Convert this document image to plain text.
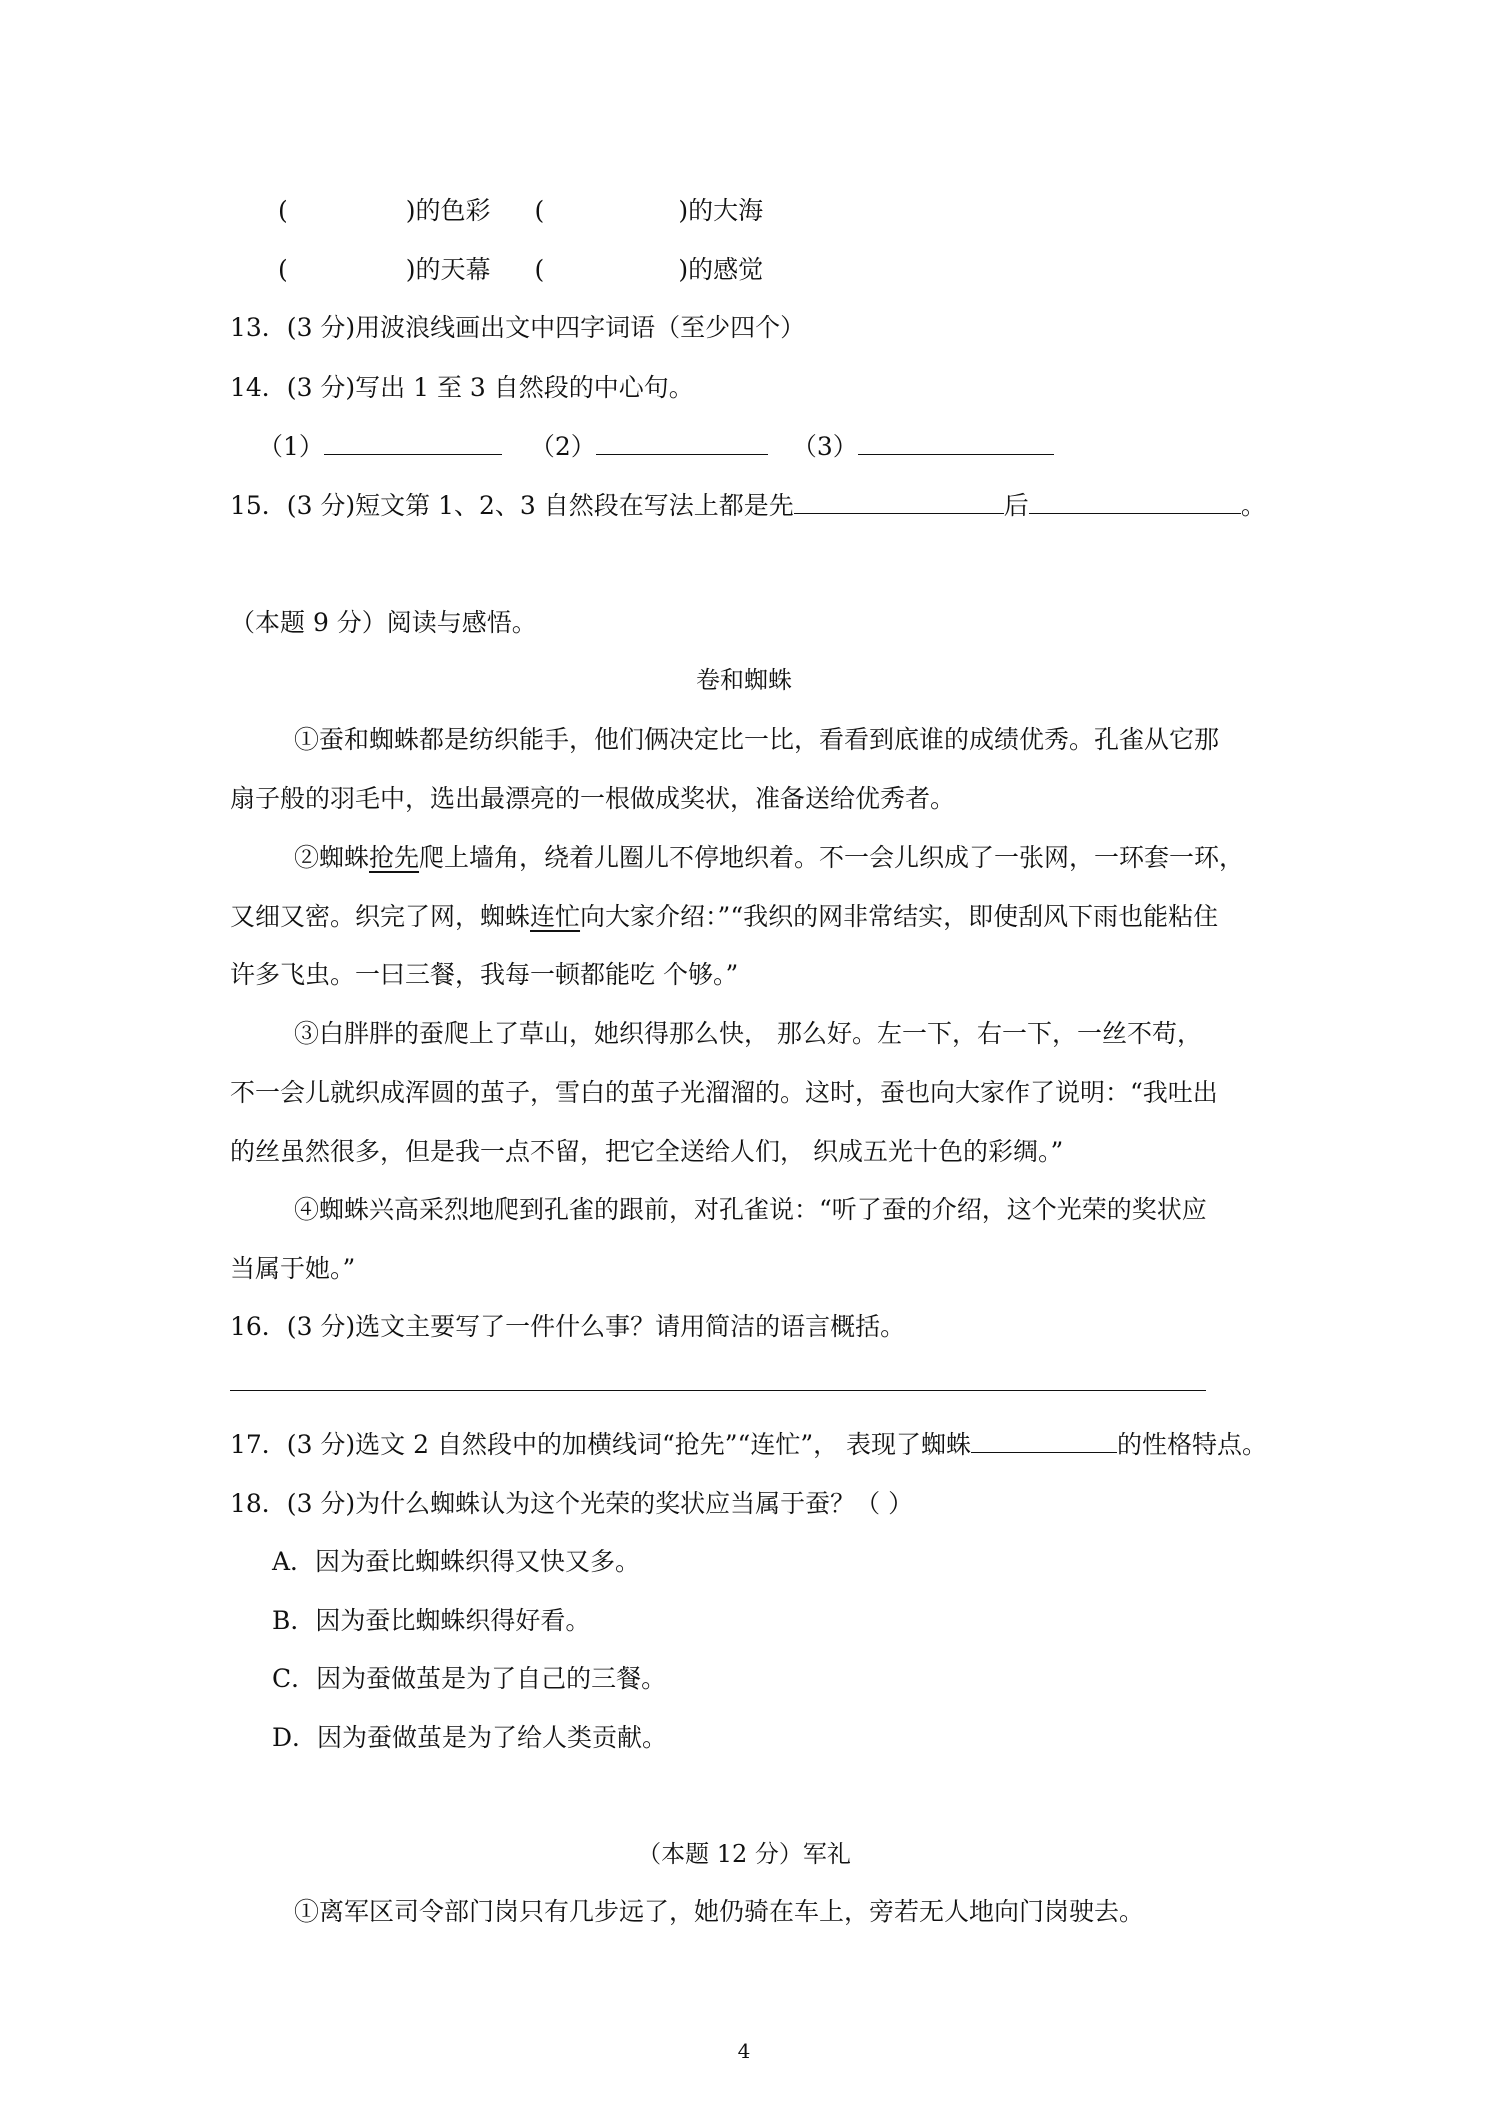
(	)的色彩 (	)的大海
(	)的天幕 (	)的感觉
13．(3 分)用波浪线画出文中四字词语（至少四个）
14．(3 分)写出 1 至 3 自然段的中心句。
（1）	（2）	（3）
15．(3 分)短文第 1、2、3 自然段在写法上都是先	后	。
（本题 9 分）阅读与感悟。
卷和蜘蛛
①蚕和蜘蛛都是纺织能手，他们俩决定比一比，看看到底谁的成绩优秀。孔雀从它那
扇子般的羽毛中，选出最漂亮的一根做成奖状，准备送给优秀者。
②蜘蛛抢先爬上墙角，绕着儿圈儿不停地织着。不一会儿织成了一张网，一环套一环，
又细又密。织完了网，蜘蛛连忙向大家介绍：”“我织的网非常结实，即使刮风下雨也能粘住
许多飞虫。一曰三餐，我每一顿都能吃 个够。”
③白胖胖的蚕爬上了草山，她织得那么快， 那么好。左一下，右一下，一丝不苟，
不一会儿就织成浑圆的茧子，雪白的茧子光溜溜的。这时，蚕也向大家作了说明：“我吐出
的丝虽然很多，但是我一点不留，把它全送给人们， 织成五光十色的彩绸。”
④蜘蛛兴高采烈地爬到孔雀的跟前，对孔雀说：“听了蚕的介绍，这个光荣的奖状应
当属于她。”
16．(3 分)选文主要写了一件什么事？请用简洁的语言概括。
17．(3 分)选文 2 自然段中的加横线词“抢先”“连忙”， 表现了蜘蛛	的性格特点。
18．(3 分)为什么蜘蛛认为这个光荣的奖状应当属于蚕？（ ）
A．因为蚕比蜘蛛织得又快又多。
B．因为蚕比蜘蛛织得好看。
C．因为蚕做茧是为了自己的三餐。
D．因为蚕做茧是为了给人类贡献。
（本题 12 分）军礼
①离军区司令部门岗只有几步远了，她仍骑在车上，旁若无人地向门岗驶去。
4
